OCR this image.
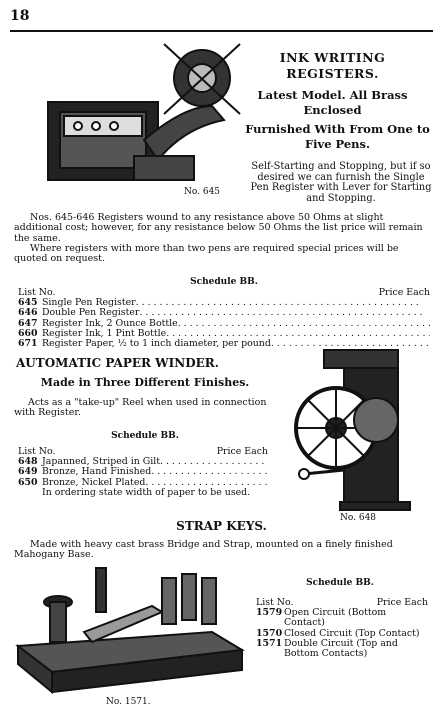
18
No. 645
INK WRITING REGISTERS.
Latest Model. All Brass Enclosed
Furnished With From One to Five Pens.
Self-Starting and Stopping, but if so desired we can furnish the Single Pen Register with Lever for Starting and Stopping.
Nos. 645-646 Registers wound to any resistance above 50 Ohms at slight additional cost; however, for any resistance below 50 Ohms the list price will remain the same.
Where registers with more than two pens are required special prices will be quoted on request.
Schedule BB.
List No.	Price Each
645 Single Pen Register
. . .
646 Double Pen Register
. . .
647 Register Ink, 2 Ounce Bottle
. . .
660 Register Ink, 1 Pint Bottle
. . .
671 Register Paper, ½ to 1 inch diameter, per pound
. . .
AUTOMATIC PAPER WINDER.
Made in Three Different Finishes.
Acts as a "take-up" Reel when used in connection with Register.
Schedule BB.
List No.	Price Each
648 Japanned, Striped in Gilt
. . .
649 Bronze, Hand Finished
. . .
650 Bronze, Nickel Plated
. . .
In ordering state width of paper to be used.
No. 648
STRAP KEYS.
Made with heavy cast brass Bridge and Strap, mounted on a finely finished Mahogany Base.
No. 1571.
Schedule BB.
List No.	Price Each
1579 Open Circuit (Bottom Contact)
1570 Closed Circuit (Top Contact)
1571 Double Circuit (Top and Bottom Contacts)
